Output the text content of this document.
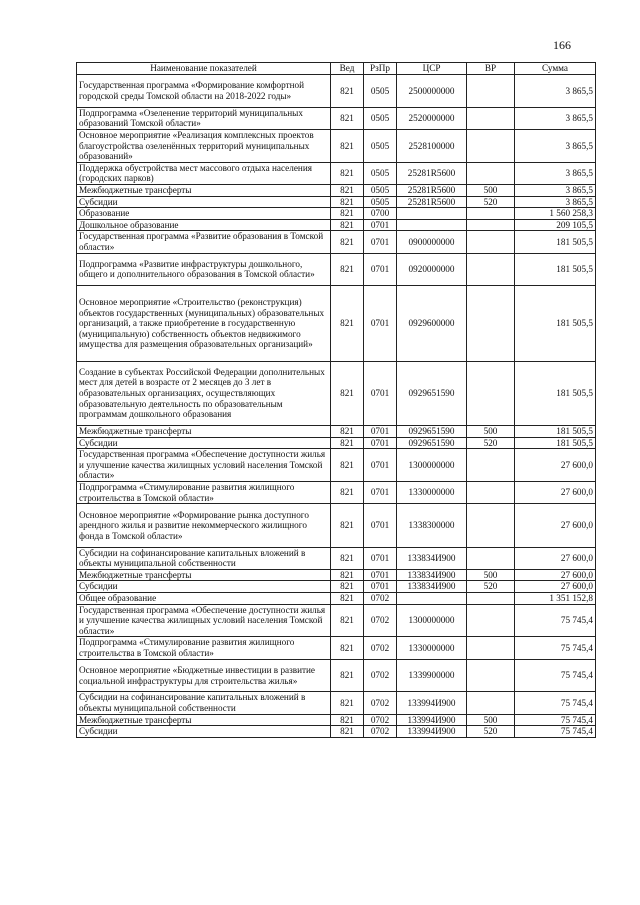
166
Наименование показателей	Вед	РзПр	ЦСР	ВР	Сумма
Государственная программа «Формирование комфортной городской среды Томской области на 2018-2022 годы»	821	0505	2500000000		3 865,5
Подпрограмма «Озеленение территорий муниципальных образований Томской области»	821	0505	2520000000		3 865,5
Основное мероприятие «Реализация комплексных проектов благоустройства озеленённых территорий муниципальных образований»	821	0505	2528100000		3 865,5
Поддержка обустройства мест массового отдыха населения (городских парков)	821	0505	25281R5600		3 865,5
Межбюджетные трансферты	821	0505	25281R5600	500	3 865,5
Субсидии	821	0505	25281R5600	520	3 865,5
Образование	821	0700			1 560 258,3
Дошкольное образование	821	0701			209 105,5
Государственная программа «Развитие образования в Томской области»	821	0701	0900000000		181 505,5
Подпрограмма «Развитие инфраструктуры дошкольного, общего и дополнительного образования в Томской области»	821	0701	0920000000		181 505,5
Основное мероприятие «Строительство (реконструкция) объектов государственных (муниципальных) образовательных организаций, а также приобретение в государственную (муниципальную) собственность объектов недвижимого имущества для размещения образовательных организаций»	821	0701	0929600000		181 505,5
Создание в субъектах Российской Федерации дополнительных мест для детей в возрасте от 2 месяцев до 3 лет в образовательных организациях, осуществляющих образовательную деятельность по образовательным программам дошкольного образования	821	0701	0929651590		181 505,5
Межбюджетные трансферты	821	0701	0929651590	500	181 505,5
Субсидии	821	0701	0929651590	520	181 505,5
Государственная программа «Обеспечение доступности жилья и улучшение качества жилищных условий населения Томской области»	821	0701	1300000000		27 600,0
Подпрограмма «Стимулирование развития жилищного строительства в Томской области»	821	0701	1330000000		27 600,0
Основное мероприятие «Формирование рынка доступного арендного жилья и развитие некоммерческого жилищного фонда в Томской области»	821	0701	1338300000		27 600,0
Субсидии на софинансирование капитальных вложений в объекты муниципальной собственности	821	0701	133834И900		27 600,0
Межбюджетные трансферты	821	0701	133834И900	500	27 600,0
Субсидии	821	0701	133834И900	520	27 600,0
Общее образование	821	0702			1 351 152,8
Государственная программа «Обеспечение доступности жилья и улучшение качества жилищных условий населения Томской области»	821	0702	1300000000		75 745,4
Подпрограмма «Стимулирование развития жилищного строительства в Томской области»	821	0702	1330000000		75 745,4
Основное мероприятие «Бюджетные инвестиции в развитие социальной инфраструктуры для строительства жилья»	821	0702	1339900000		75 745,4
Субсидии на софинансирование капитальных вложений в объекты муниципальной собственности	821	0702	133994И900		75 745,4
Межбюджетные трансферты	821	0702	133994И900	500	75 745,4
Субсидии	821	0702	133994И900	520	75 745,4
